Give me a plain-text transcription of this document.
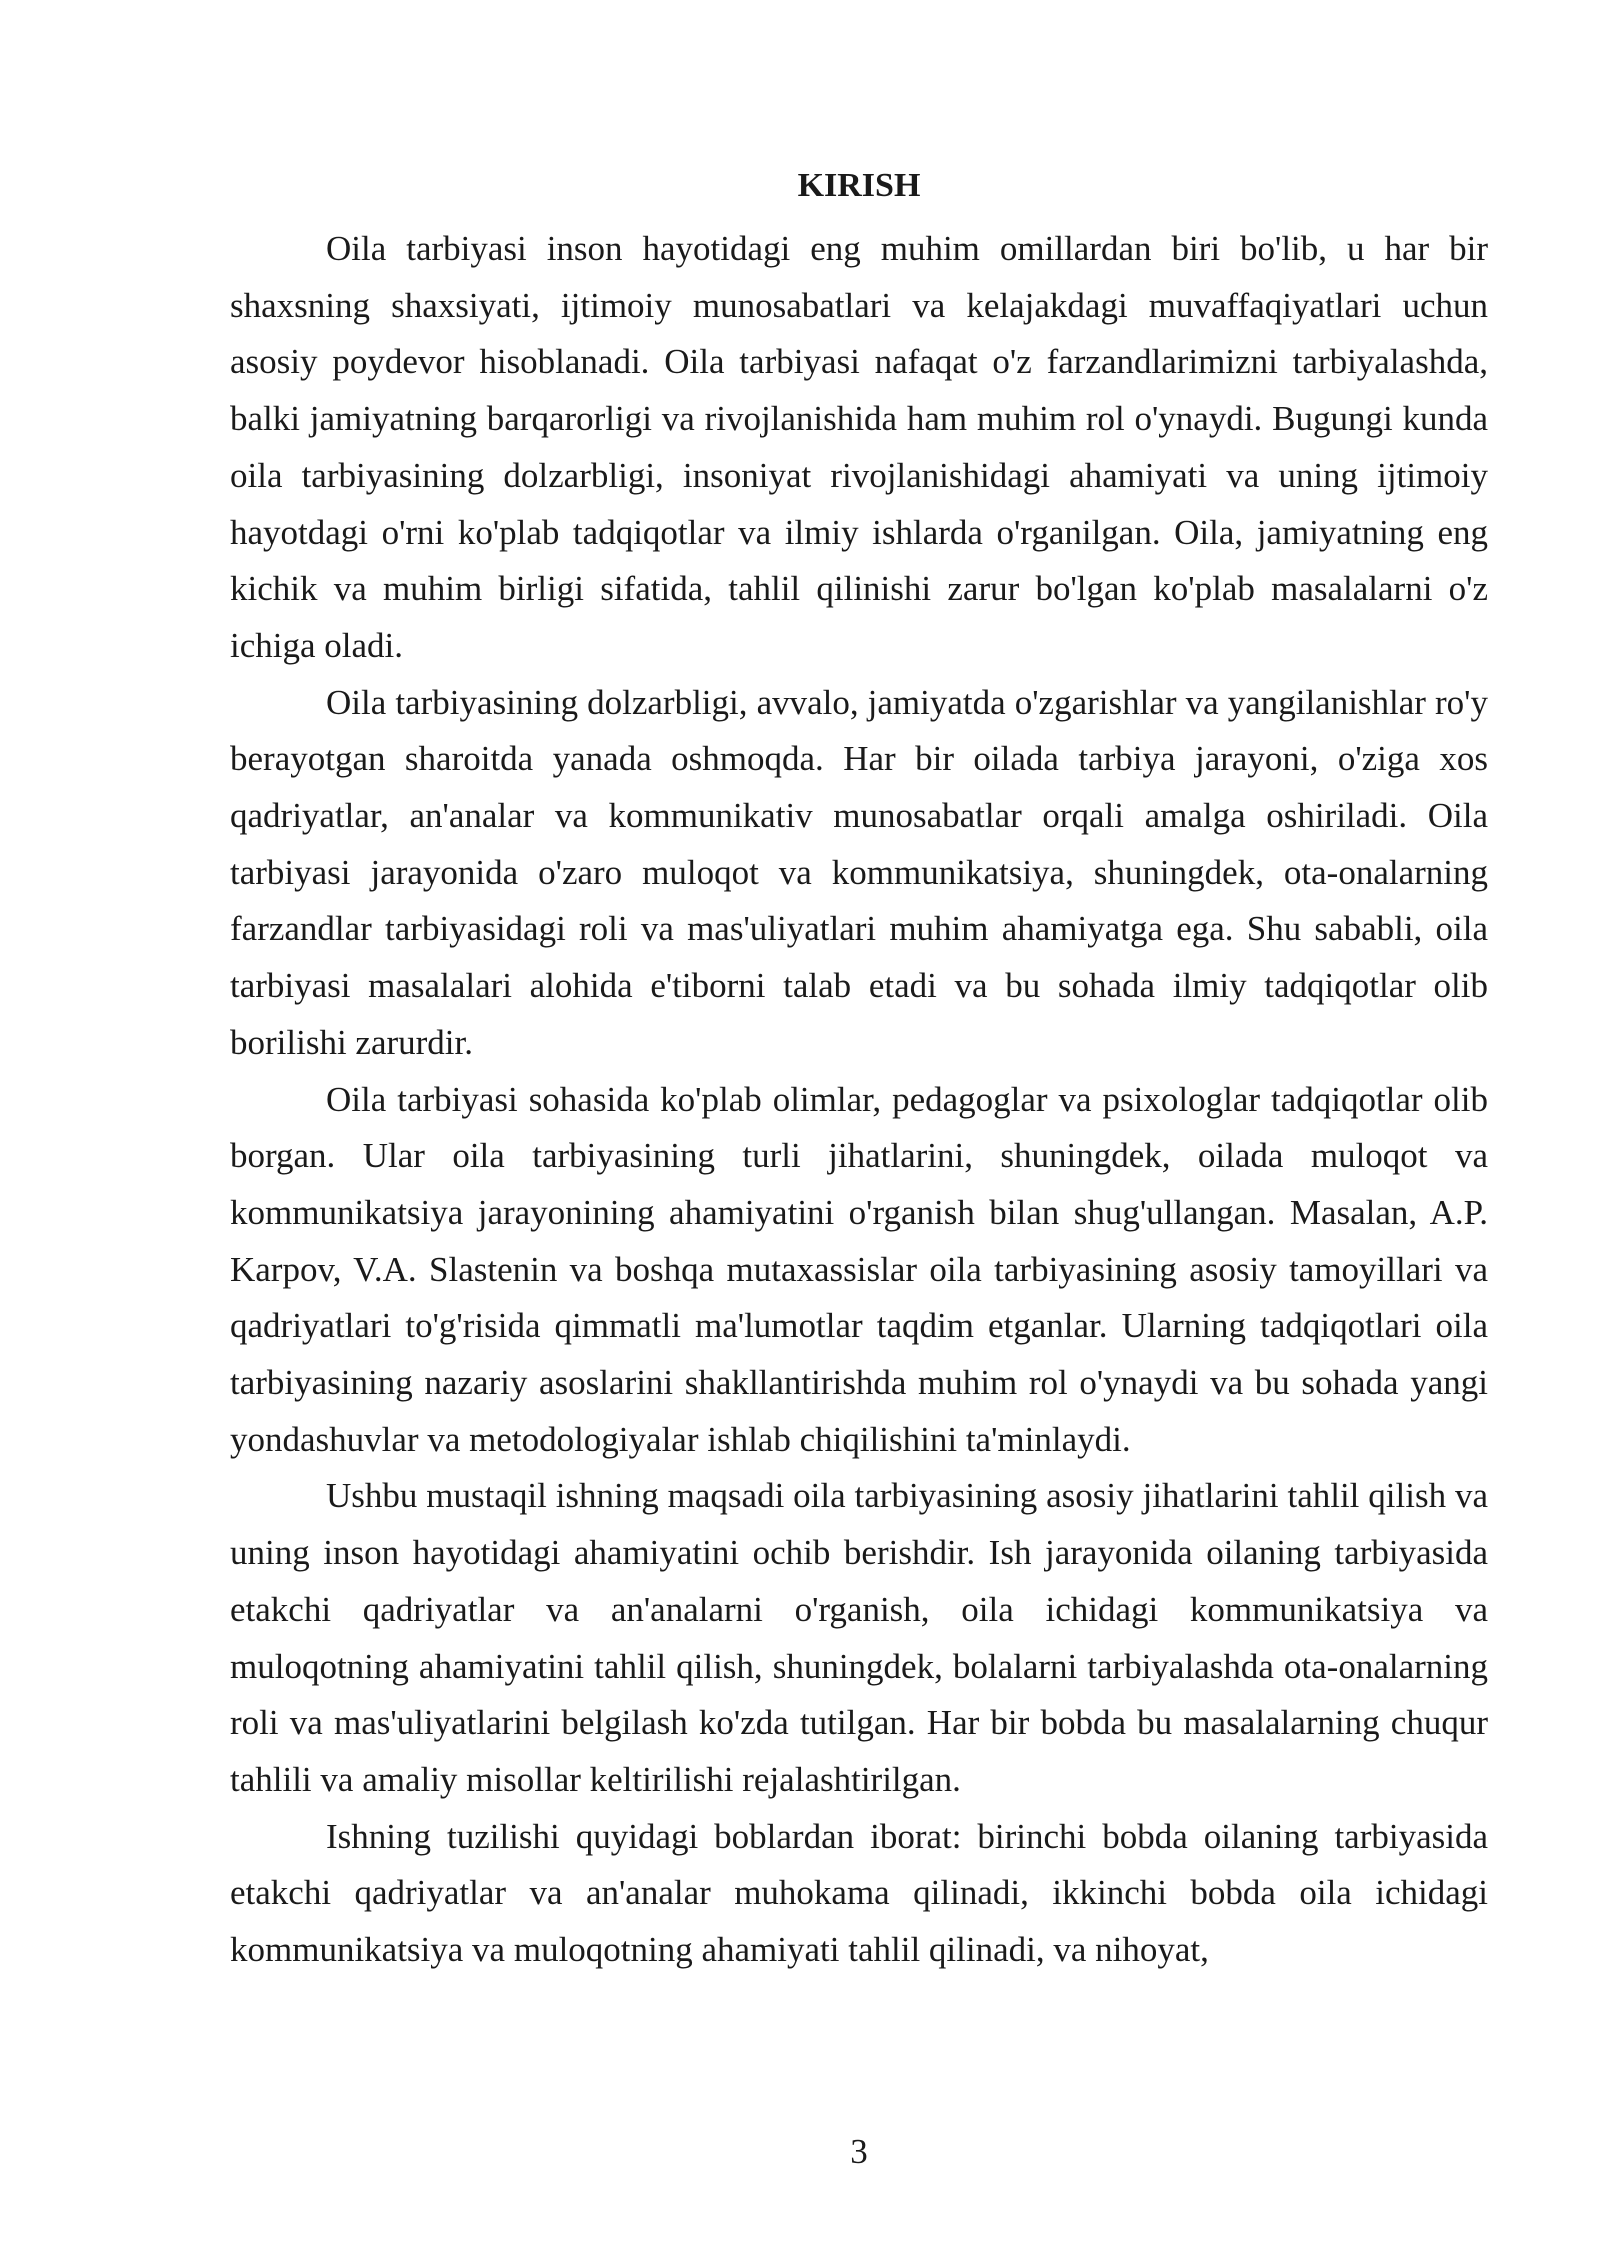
KIRISH

Oila tarbiyasi inson hayotidagi eng muhim omillardan biri bo'lib, u har bir shaxsning shaxsiyati, ijtimoiy munosabatlari va kelajakdagi muvaffaqiyatlari uchun asosiy poydevor hisoblanadi. Oila tarbiyasi nafaqat o'z farzandlarimizni tarbiyalashda, balki jamiyatning barqarorligi va rivojlanishida ham muhim rol o'ynaydi. Bugungi kunda oila tarbiyasining dolzarbligi, insoniyat rivojlanishidagi ahamiyati va uning ijtimoiy hayotdagi o'rni ko'plab tadqiqotlar va ilmiy ishlarda o'rganilgan. Oila, jamiyatning eng kichik va muhim birligi sifatida, tahlil qilinishi zarur bo'lgan ko'plab masalalarni o'z ichiga oladi.

Oila tarbiyasining dolzarbligi, avvalo, jamiyatda o'zgarishlar va yangilanishlar ro'y berayotgan sharoitda yanada oshmoqda. Har bir oilada tarbiya jarayoni, o'ziga xos qadriyatlar, an'analar va kommunikativ munosabatlar orqali amalga oshiriladi. Oila tarbiyasi jarayonida o'zaro muloqot va kommunikatsiya, shuningdek, ota-onalarning farzandlar tarbiyasidagi roli va mas'uliyatlari muhim ahamiyatga ega. Shu sababli, oila tarbiyasi masalalari alohida e'tiborni talab etadi va bu sohada ilmiy tadqiqotlar olib borilishi zarurdir.

Oila tarbiyasi sohasida ko'plab olimlar, pedagoglar va psixologlar tadqiqotlar olib borgan. Ular oila tarbiyasining turli jihatlarini, shuningdek, oilada muloqot va kommunikatsiya jarayonining ahamiyatini o'rganish bilan shug'ullangan. Masalan, A.P. Karpov, V.A. Slastenin va boshqa mutaxassislar oila tarbiyasining asosiy tamoyillari va qadriyatlari to'g'risida qimmatli ma'lumotlar taqdim etganlar. Ularning tadqiqotlari oila tarbiyasining nazariy asoslarini shakllantirishda muhim rol o'ynaydi va bu sohada yangi yondashuvlar va metodologiyalar ishlab chiqilishini ta'minlaydi.

Ushbu mustaqil ishning maqsadi oila tarbiyasining asosiy jihatlarini tahlil qilish va uning inson hayotidagi ahamiyatini ochib berishdir. Ish jarayonida oilaning tarbiyasida etakchi qadriyatlar va an'analarni o'rganish, oila ichidagi kommunikatsiya va muloqotning ahamiyatini tahlil qilish, shuningdek, bolalarni tarbiyalashda ota-onalarning roli va mas'uliyatlarini belgilash ko'zda tutilgan. Har bir bobda bu masalalarning chuqur tahlili va amaliy misollar keltirilishi rejalashtirilgan.

Ishning tuzilishi quyidagi boblardan iborat: birinchi bobda oilaning tarbiyasida etakchi qadriyatlar va an'analar muhokama qilinadi, ikkinchi bobda oila ichidagi kommunikatsiya va muloqotning ahamiyati tahlil qilinadi, va nihoyat,

3
